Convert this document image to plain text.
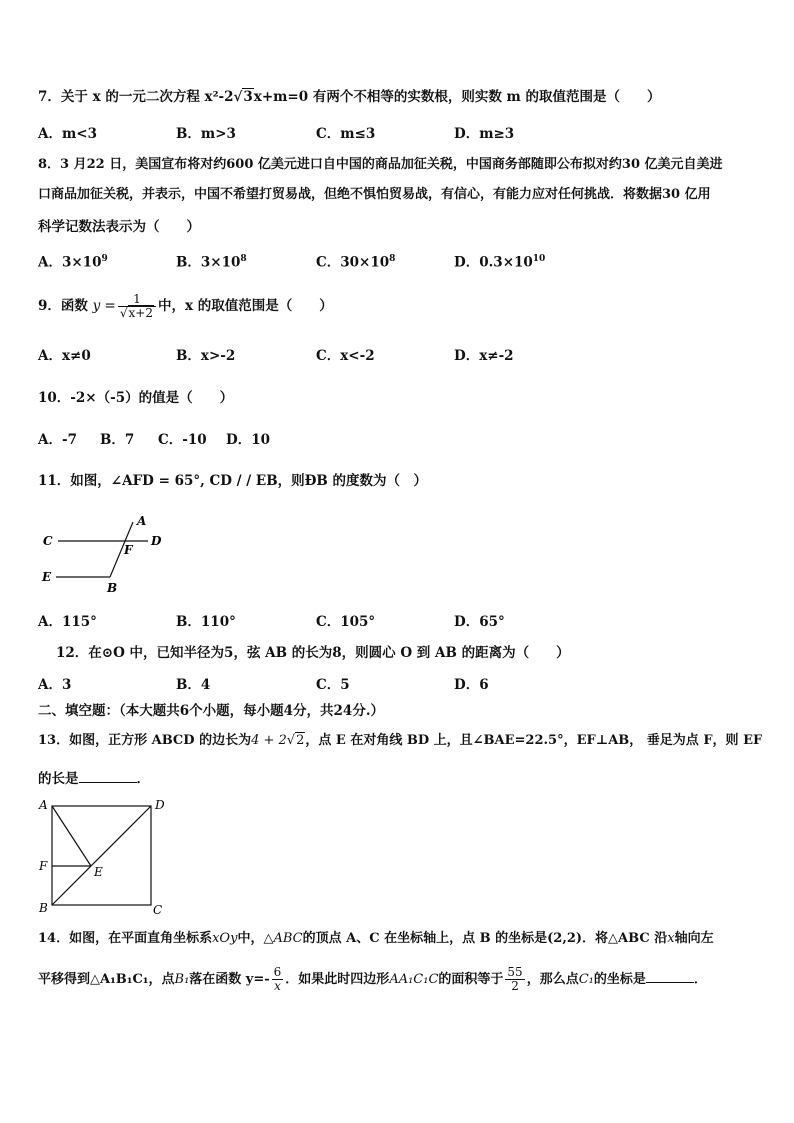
7．关于 x 的一元二次方程 x²-2√3x+m=0 有两个不相等的实数根，则实数 m 的取值范围是（　　）
A．m<3	B．m>3	C．m≤3	D．m≥3
8．3 月22 日，美国宣布将对约600 亿美元进口自中国的商品加征关税，中国商务部随即公布拟对约30 亿美元自美进
口商品加征关税，并表示，中国不希望打贸易战，但绝不惧怕贸易战，有信心，有能力应对任何挑战．将数据30 亿用
科学记数法表示为（　　）
A．$3\times 10^9$	B．$3\times 10^8$	C．$30\times 10^8$	D．$0.3\times 10^{10}$
9．函数 $y = \frac{1}{√x+2}$ 中，x 的取值范围是（　　）
A．x≠0	B．x>-2	C．x<-2	D．x≠-2
10．-2×（-5）的值是（　　）
A．-7 B．7 C．-10 D．10
11．如图，∠AFD = 65°, CD / / EB，则ÐB 的度数为（　）
A
C
F
D
E
B
A．115°	B．110°	C．105°	D．65°
12．在⊙O 中，已知半径为5，弦 AB 的长为8，则圆心 O 到 AB 的距离为（　　）
A．3	B．4	C．5	D．6
二、填空题：（本大题共6个小题，每小题4分，共24分.）
13．如图，正方形 ABCD 的边长为4 + 2√2，点 E 在对角线 BD 上，且∠BAE=22.5°，EF⊥AB， 垂足为点 F，则 EF
的长是	．
A	D
F	E
B	C
14．如图，在平面直角坐标系xOy中，△ABC的顶点 A、C 在坐标轴上，点 B 的坐标是(2,2)．将△ABC 沿x轴向左
平移得到△A₁B₁C₁，点B₁落在函数 $y=- \frac{6}{x}$ ．如果此时四边形AA₁C₁C的面积等于 $\frac{55}{2}$ ，那么点C₁的坐标是	．
